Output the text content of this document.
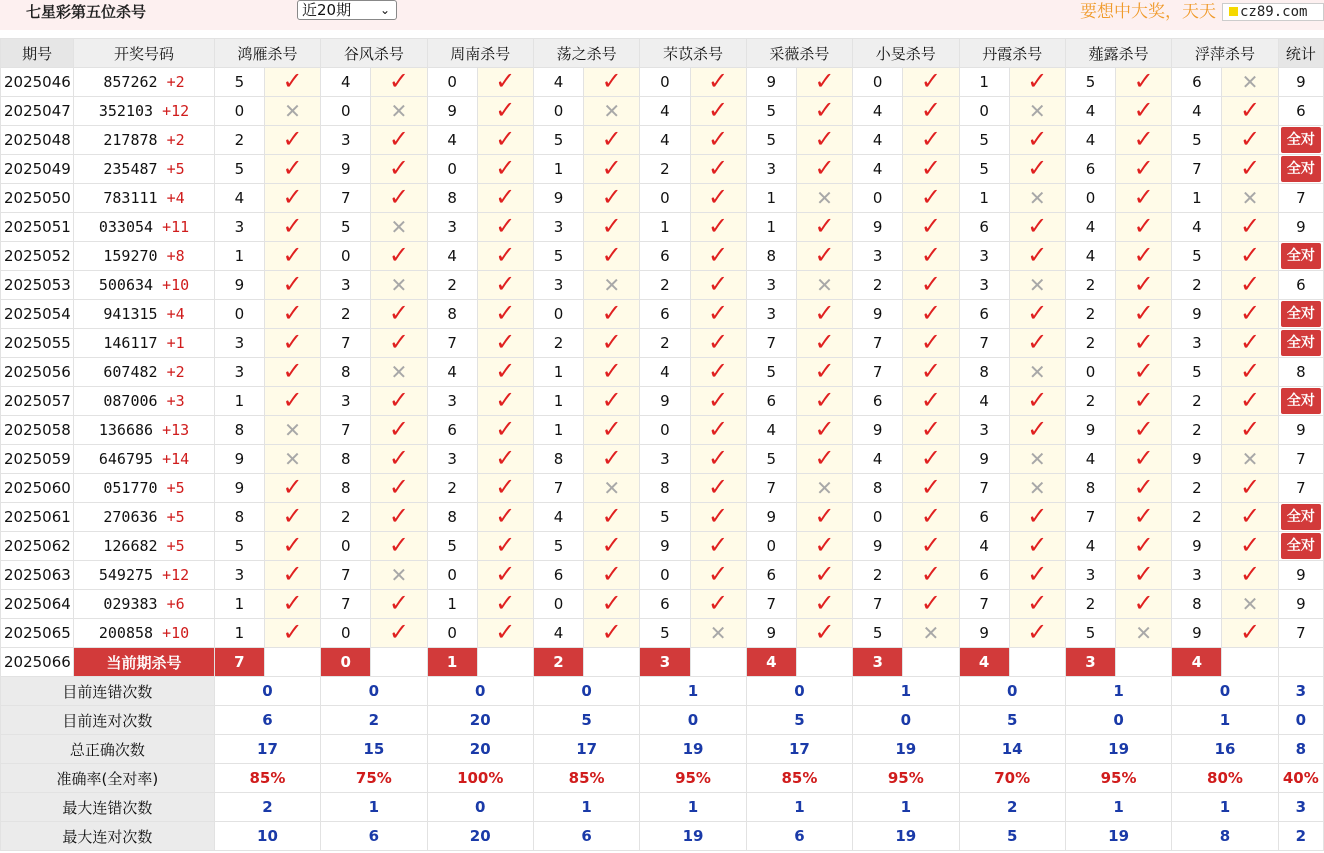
七星彩第五位杀号	近20期 ⌄	要想中大奖，天天	cz89.com
期号	开奖号码	鸿雁杀号		谷风杀号		周南杀号		荡之杀号		芣苡杀号		采薇杀号		小旻杀号		丹霞杀号		薤露杀号		浮萍杀号		统计
2025046	857262 +2	5	✓	4	✓	0	✓	4	✓	0	✓	9	✓	0	✓	1	✓	5	✓	6	✕	9
2025047	352103 +12	0	✕	0	✕	9	✓	0	✕	4	✓	5	✓	4	✓	0	✕	4	✓	4	✓	6
2025048	217878 +2	2	✓	3	✓	4	✓	5	✓	4	✓	5	✓	4	✓	5	✓	4	✓	5	✓	全对
2025049	235487 +5	5	✓	9	✓	0	✓	1	✓	2	✓	3	✓	4	✓	5	✓	6	✓	7	✓	全对
2025050	783111 +4	4	✓	7	✓	8	✓	9	✓	0	✓	1	✕	0	✓	1	✕	0	✓	1	✕	7
2025051	033054 +11	3	✓	5	✕	3	✓	3	✓	1	✓	1	✓	9	✓	6	✓	4	✓	4	✓	9
2025052	159270 +8	1	✓	0	✓	4	✓	5	✓	6	✓	8	✓	3	✓	3	✓	4	✓	5	✓	全对
2025053	500634 +10	9	✓	3	✕	2	✓	3	✕	2	✓	3	✕	2	✓	3	✕	2	✓	2	✓	6
2025054	941315 +4	0	✓	2	✓	8	✓	0	✓	6	✓	3	✓	9	✓	6	✓	2	✓	9	✓	全对
2025055	146117 +1	3	✓	7	✓	7	✓	2	✓	2	✓	7	✓	7	✓	7	✓	2	✓	3	✓	全对
2025056	607482 +2	3	✓	8	✕	4	✓	1	✓	4	✓	5	✓	7	✓	8	✕	0	✓	5	✓	8
2025057	087006 +3	1	✓	3	✓	3	✓	1	✓	9	✓	6	✓	6	✓	4	✓	2	✓	2	✓	全对
2025058	136686 +13	8	✕	7	✓	6	✓	1	✓	0	✓	4	✓	9	✓	3	✓	9	✓	2	✓	9
2025059	646795 +14	9	✕	8	✓	3	✓	8	✓	3	✓	5	✓	4	✓	9	✕	4	✓	9	✕	7
2025060	051770 +5	9	✓	8	✓	2	✓	7	✕	8	✓	7	✕	8	✓	7	✕	8	✓	2	✓	7
2025061	270636 +5	8	✓	2	✓	8	✓	4	✓	5	✓	9	✓	0	✓	6	✓	7	✓	2	✓	全对
2025062	126682 +5	5	✓	0	✓	5	✓	5	✓	9	✓	0	✓	9	✓	4	✓	4	✓	9	✓	全对
2025063	549275 +12	3	✓	7	✕	0	✓	6	✓	0	✓	6	✓	2	✓	6	✓	3	✓	3	✓	9
2025064	029383 +6	1	✓	7	✓	1	✓	0	✓	6	✓	7	✓	7	✓	7	✓	2	✓	8	✕	9
2025065	200858 +10	1	✓	0	✓	0	✓	4	✓	5	✕	9	✓	5	✕	9	✓	5	✕	9	✓	7
2025066	当前期杀号	7		0		1		2		3		4		3		4		3		4		
目前连错次数		0		0		0		0		1		0		1		0		1		0		3
目前连对次数		6		2		20		5		0		5		0		5		0		1		0
总正确次数		17		15		20		17		19		17		19		14		19		16		8
准确率(全对率)		85%		75%		100%		85%		95%		85%		95%		70%		95%		80%		40%
最大连错次数		2		1		0		1		1		1		1		2		1		1		3
最大连对次数		10		6		20		6		19		6		19		5		19		8		2
